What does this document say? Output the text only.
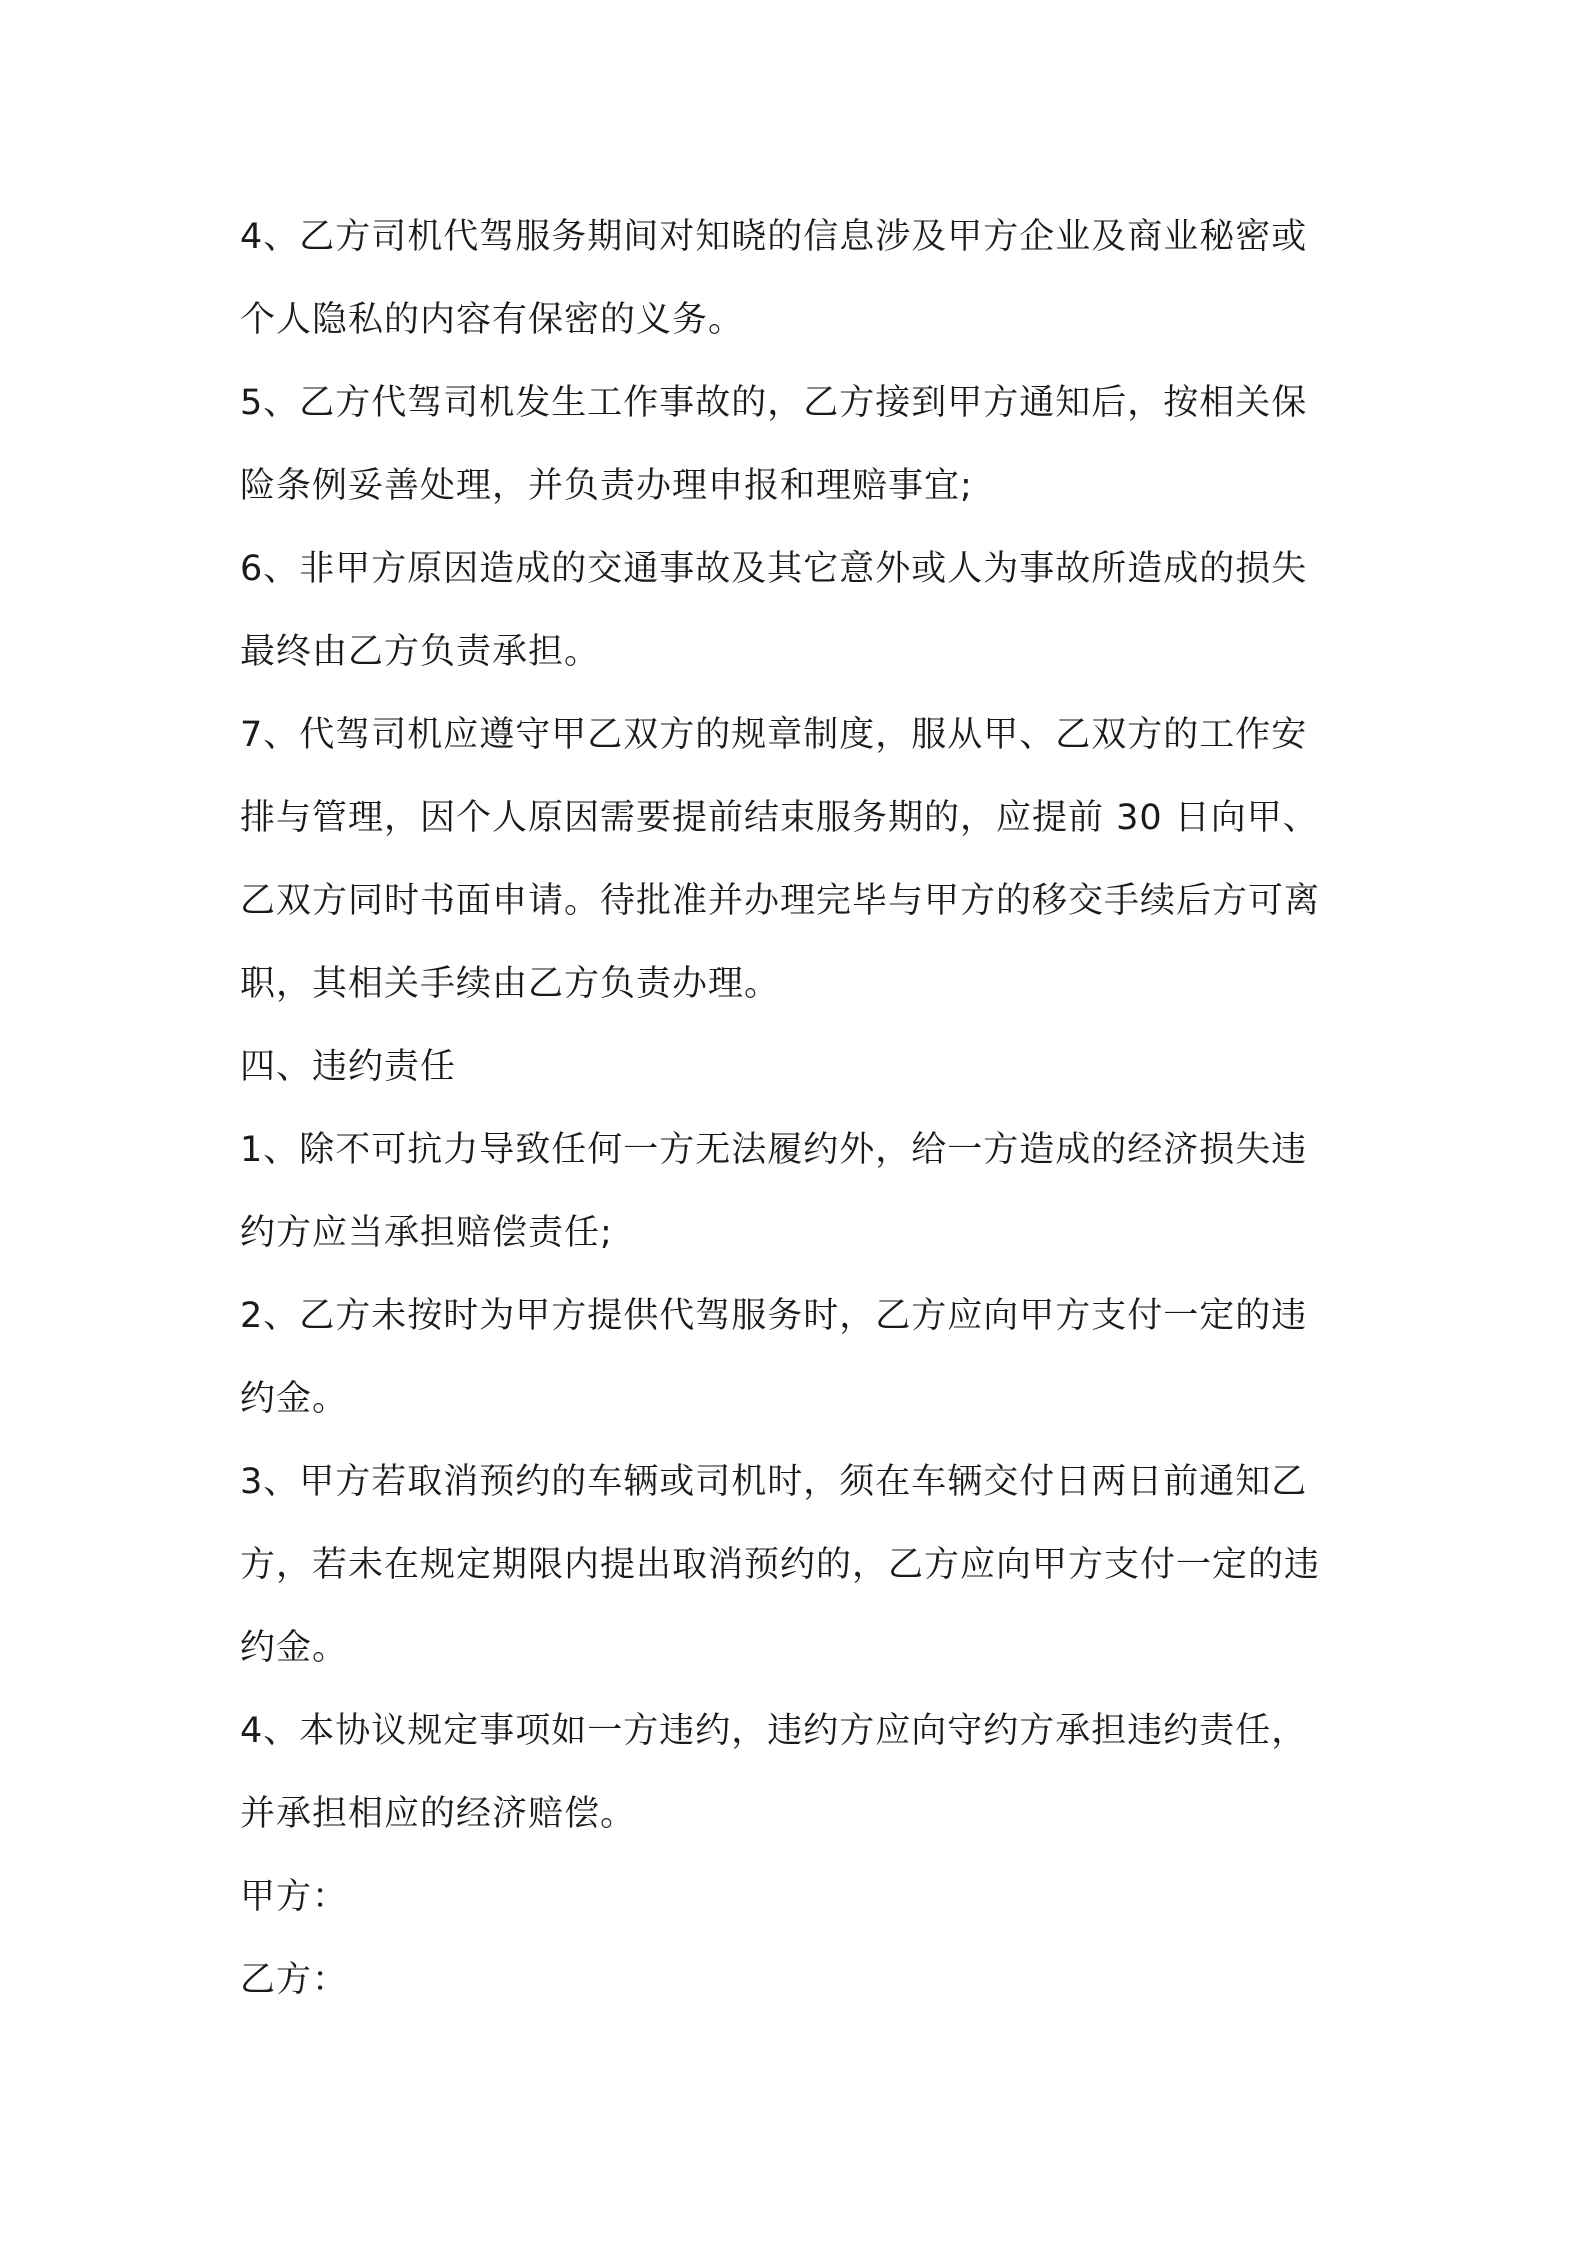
4、乙方司机代驾服务期间对知晓的信息涉及甲方企业及商业秘密或
个人隐私的内容有保密的义务。

5、乙方代驾司机发生工作事故的，乙方接到甲方通知后，按相关保
险条例妥善处理，并负责办理申报和理赔事宜;

6、非甲方原因造成的交通事故及其它意外或人为事故所造成的损失
最终由乙方负责承担。

7、代驾司机应遵守甲乙双方的规章制度，服从甲、乙双方的工作安
排与管理，因个人原因需要提前结束服务期的，应提前 30 日向甲、
乙双方同时书面申请。待批准并办理完毕与甲方的移交手续后方可离
职，其相关手续由乙方负责办理。

四、违约责任

1、除不可抗力导致任何一方无法履约外，给一方造成的经济损失违
约方应当承担赔偿责任;

2、乙方未按时为甲方提供代驾服务时，乙方应向甲方支付一定的违
约金。

3、甲方若取消预约的车辆或司机时，须在车辆交付日两日前通知乙
方，若未在规定期限内提出取消预约的，乙方应向甲方支付一定的违
约金。

4、本协议规定事项如一方违约，违约方应向守约方承担违约责任，
并承担相应的经济赔偿。

甲方：

乙方：
